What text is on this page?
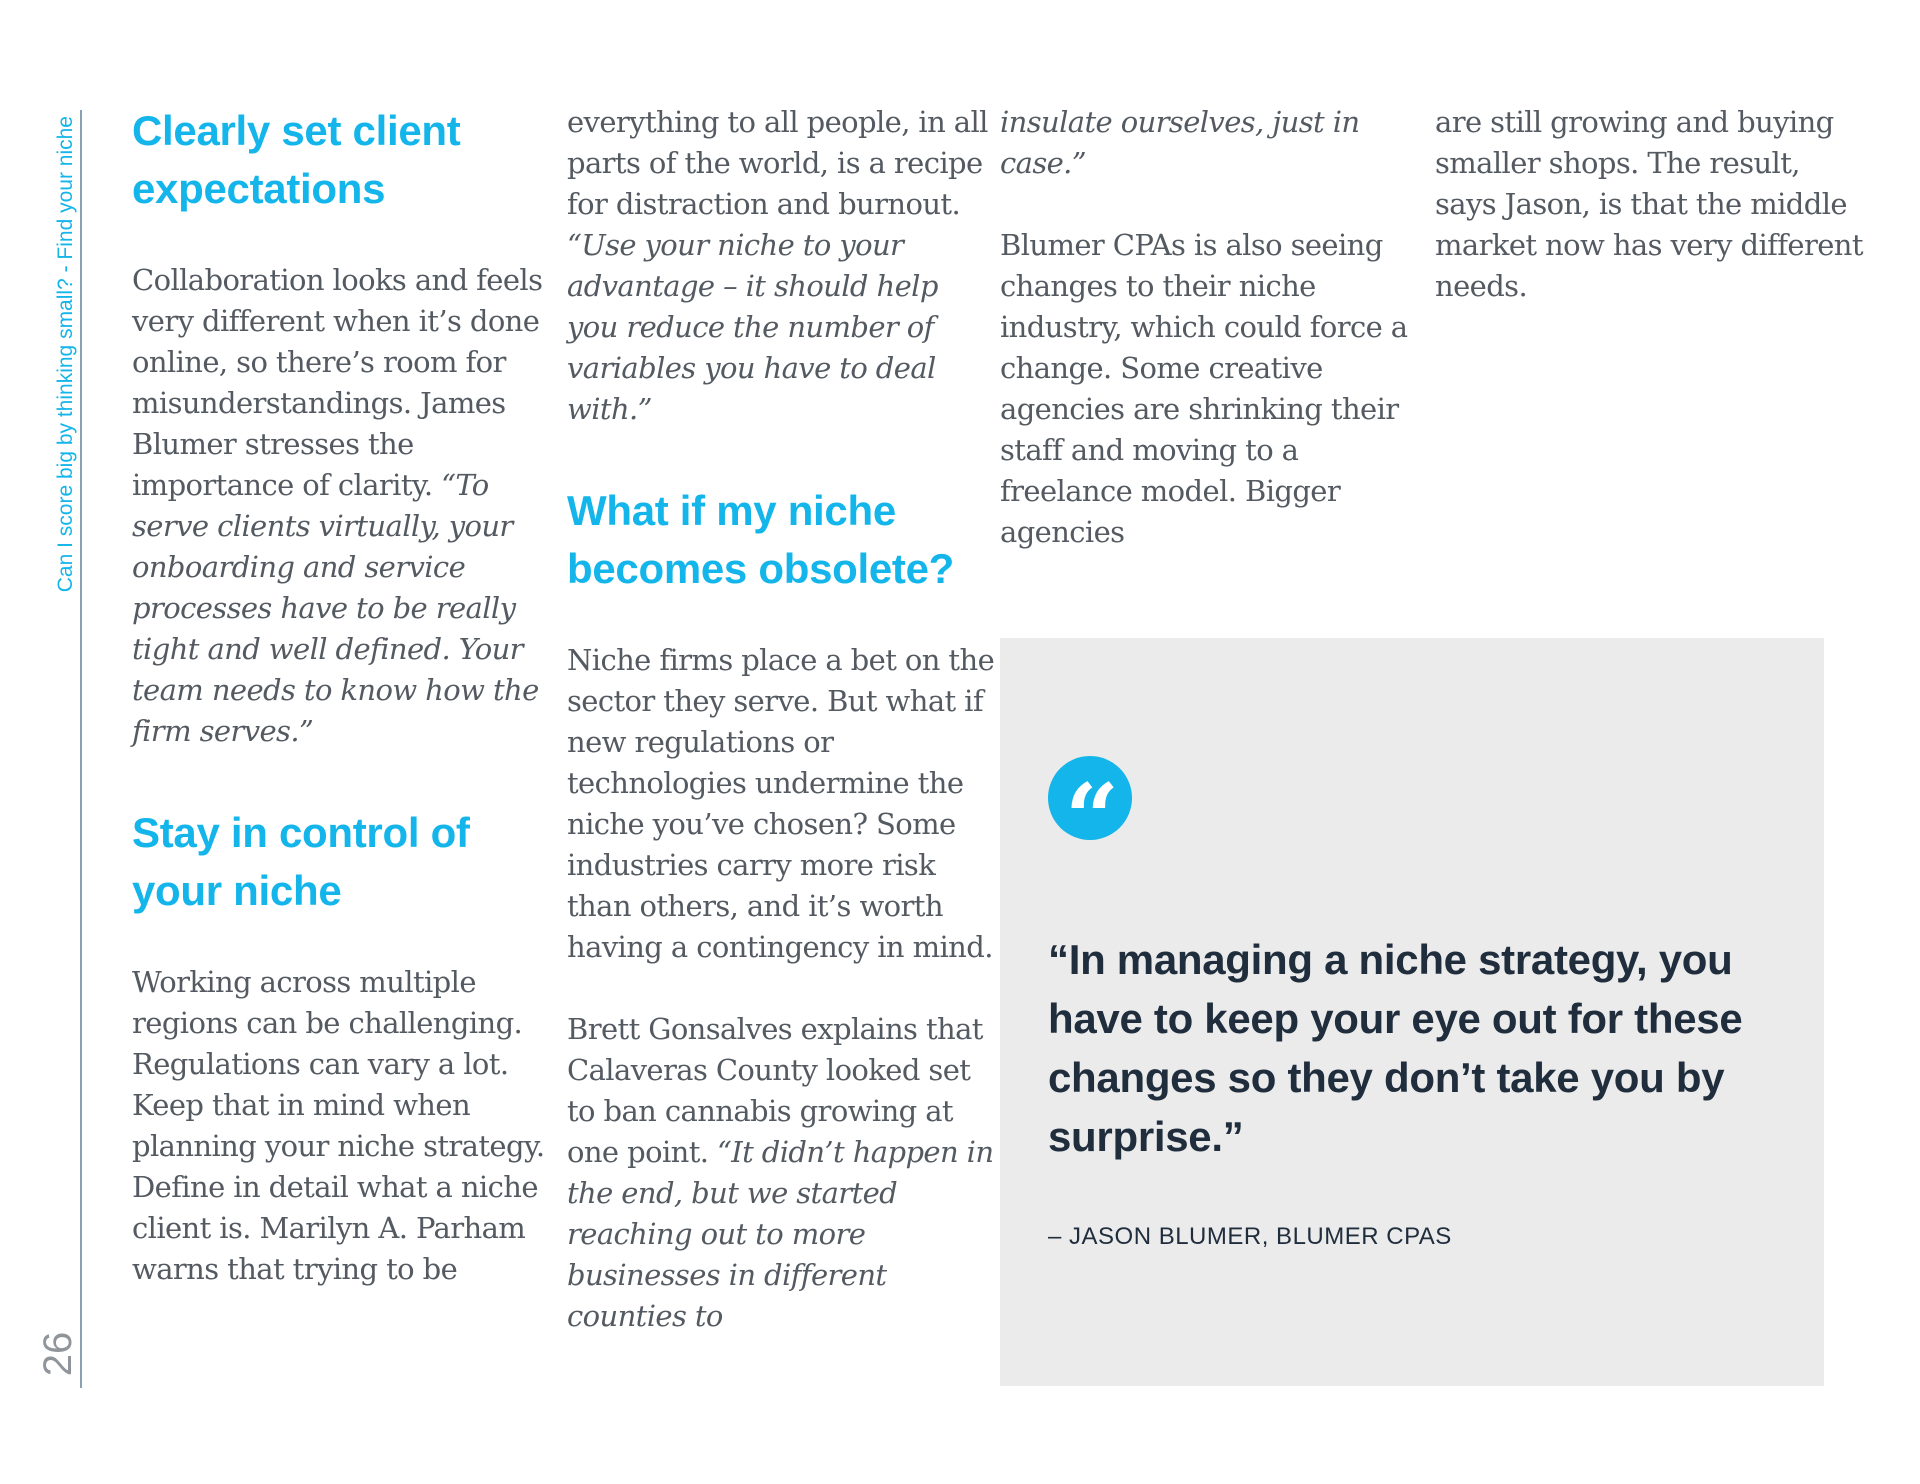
Can I score big by thinking small? - Find your niche
26
Clearly set client expectations

Collaboration looks and feels very different when it’s done online, so there’s room for misunderstandings. James Blumer stresses the importance of clarity. “To serve clients virtually, your onboarding and service processes have to be really tight and well defined. Your team needs to know how the firm serves.”

Stay in control of your niche

Working across multiple regions can be challenging. Regulations can vary a lot. Keep that in mind when planning your niche strategy. Define in detail what a niche client is. Marilyn A. Parham warns that trying to be

everything to all people, in all parts of the world, is a recipe for distraction and burnout. “Use your niche to your advantage – it should help you reduce the number of variables you have to deal with.”

What if my niche becomes obsolete?

Niche firms place a bet on the sector they serve. But what if new regulations or technologies undermine the niche you’ve chosen? Some industries carry more risk than others, and it’s worth having a contingency in mind.

Brett Gonsalves explains that Calaveras County looked set to ban cannabis growing at one point. “It didn’t happen in the end, but we started reaching out to more businesses in different counties to

insulate ourselves, just in case.”

Blumer CPAs is also seeing changes to their niche industry, which could force a change. Some creative agencies are shrinking their staff and moving to a freelance model. Bigger agencies

are still growing and buying smaller shops. The result, says Jason, is that the middle market now has very different needs.

“

“In managing a niche strategy, you have to keep your eye out for these changes so they don’t take you by surprise.”

– JASON BLUMER, BLUMER CPAS
